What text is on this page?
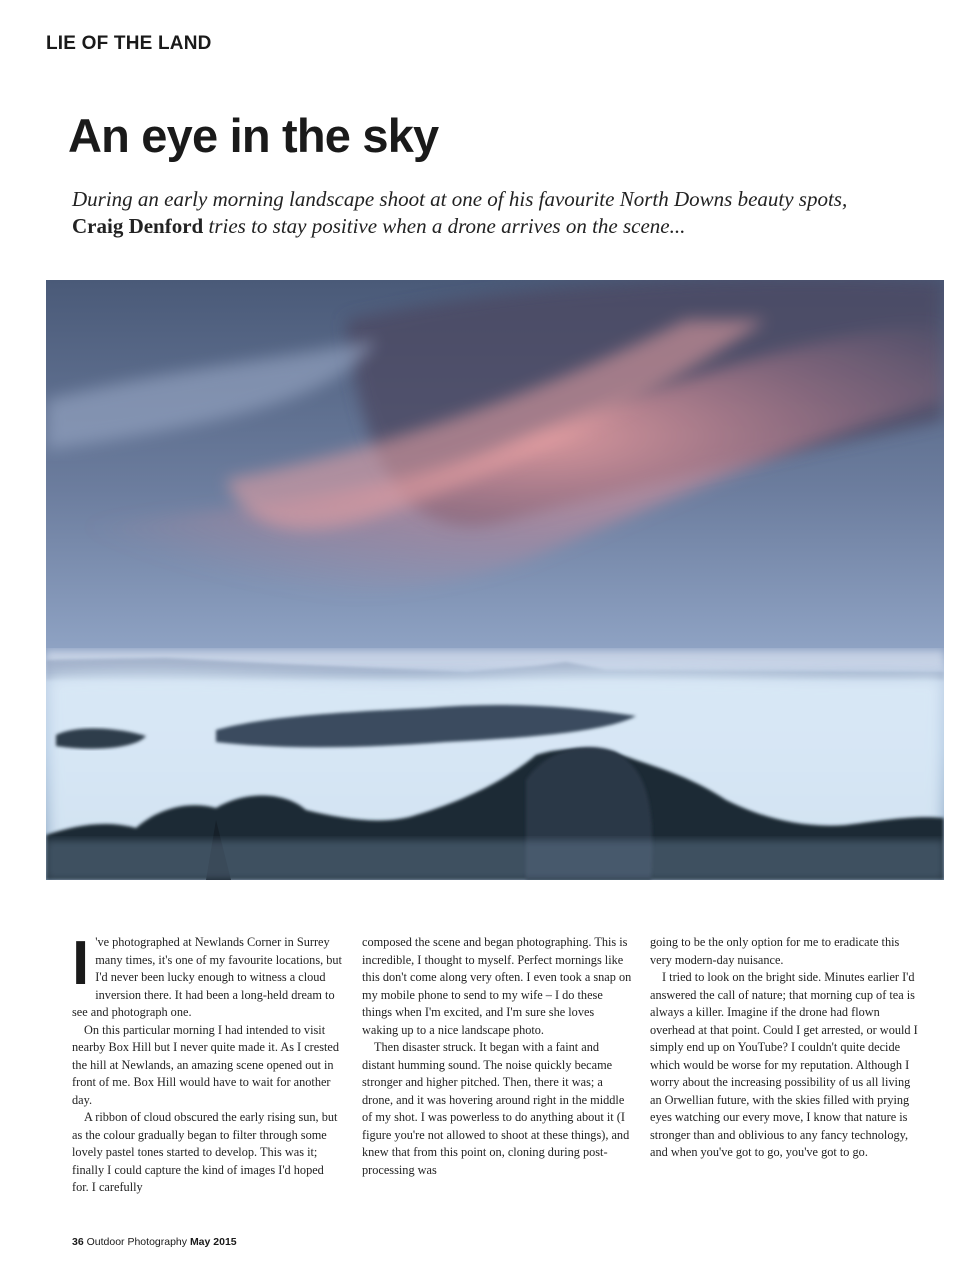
LIE OF THE LAND
An eye in the sky
During an early morning landscape shoot at one of his favourite North Downs beauty spots, Craig Denford tries to stay positive when a drone arrives on the scene...

I 've photographed at Newlands Corner in Surrey many times, it's one of my favourite locations, but I'd never been lucky enough to witness a cloud inversion there. It had been a long-held dream to see and photograph one.

On this particular morning I had intended to visit nearby Box Hill but I never quite made it. As I crested the hill at Newlands, an amazing scene opened out in front of me. Box Hill would have to wait for another day.

A ribbon of cloud obscured the early rising sun, but as the colour gradually began to filter through some lovely pastel tones started to develop. This was it; finally I could capture the kind of images I'd hoped for. I carefully

composed the scene and began photographing. This is incredible, I thought to myself. Perfect mornings like this don't come along very often. I even took a snap on my mobile phone to send to my wife – I do these things when I'm excited, and I'm sure she loves waking up to a nice landscape photo.

Then disaster struck. It began with a faint and distant humming sound. The noise quickly became stronger and higher pitched. Then, there it was; a drone, and it was hovering around right in the middle of my shot. I was powerless to do anything about it (I figure you're not allowed to shoot at these things), and knew that from this point on, cloning during post-processing was

going to be the only option for me to eradicate this very modern-day nuisance.

I tried to look on the bright side. Minutes earlier I'd answered the call of nature; that morning cup of tea is always a killer. Imagine if the drone had flown overhead at that point. Could I get arrested, or would I simply end up on YouTube? I couldn't quite decide which would be worse for my reputation. Although I worry about the increasing possibility of us all living an Orwellian future, with the skies filled with prying eyes watching our every move, I know that nature is stronger than and oblivious to any fancy technology, and when you've got to go, you've got to go.

36 Outdoor Photography May 2015
